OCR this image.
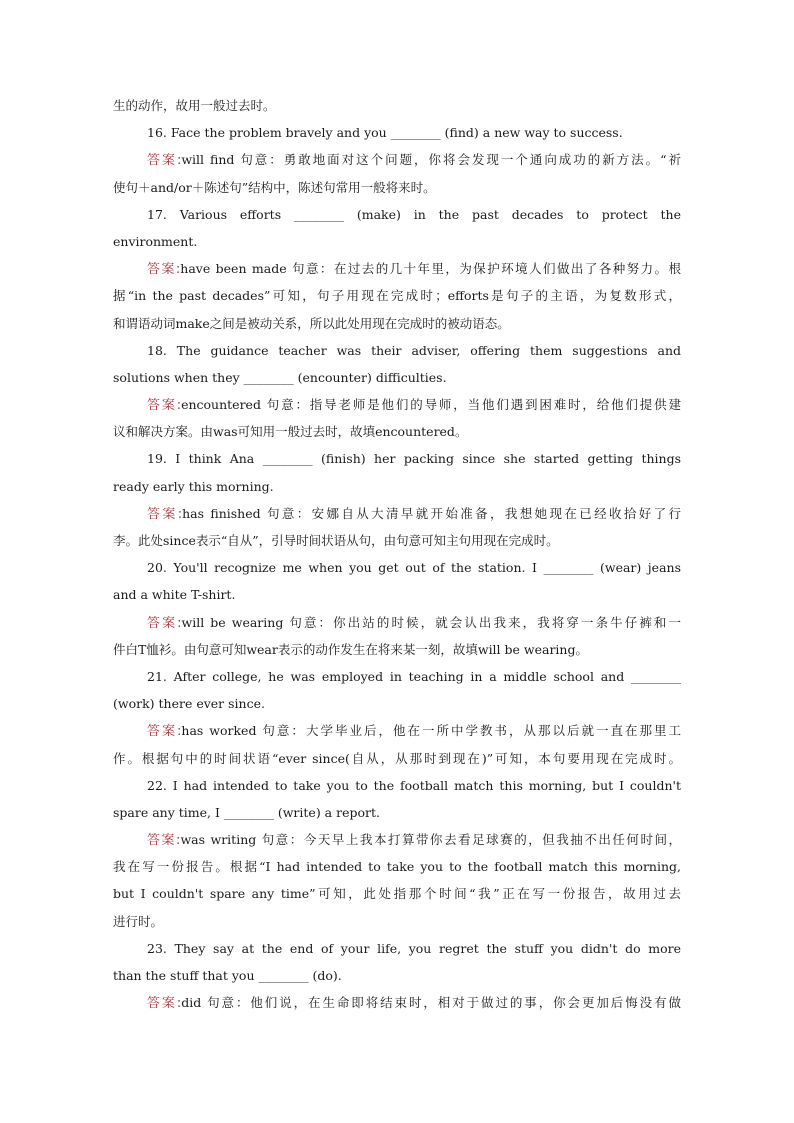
生的动作，故用一般过去时。
16. Face the problem bravely and you ________ (find) a new way to success.
答案:will find 句意：勇敢地面对这个问题，你将会发现一个通向成功的新方法。“祈
使句＋and/or＋陈述句”结构中，陈述句常用一般将来时。
17. Various efforts ________ (make) in the past decades to protect the
environment.
答案:have been made 句意：在过去的几十年里，为保护环境人们做出了各种努力。根
据“in the past decades”可知，句子用现在完成时；efforts是句子的主语，为复数形式，
和谓语动词make之间是被动关系，所以此处用现在完成时的被动语态。
18. The guidance teacher was their adviser, offering them suggestions and
solutions when they ________ (encounter) difficulties.
答案:encountered 句意：指导老师是他们的导师，当他们遇到困难时，给他们提供建
议和解决方案。由was可知用一般过去时，故填encountered。
19. I think Ana ________ (finish) her packing since she started getting things
ready early this morning.
答案:has finished 句意：安娜自从大清早就开始准备，我想她现在已经收拾好了行
李。此处since表示“自从”，引导时间状语从句，由句意可知主句用现在完成时。
20. You'll recognize me when you get out of the station. I ________ (wear) jeans
and a white T-shirt.
答案:will be wearing 句意：你出站的时候，就会认出我来，我将穿一条牛仔裤和一
件白T恤衫。由句意可知wear表示的动作发生在将来某一刻，故填will be wearing。
21. After college, he was employed in teaching in a middle school and ________
(work) there ever since.
答案:has worked 句意：大学毕业后，他在一所中学教书，从那以后就一直在那里工
作。根据句中的时间状语“ever since(自从，从那时到现在)”可知，本句要用现在完成时。
22. I had intended to take you to the football match this morning, but I couldn't
spare any time, I ________ (write) a report.
答案:was writing 句意：今天早上我本打算带你去看足球赛的，但我抽不出任何时间，
我在写一份报告。根据“I had intended to take you to the football match this morning,
but I couldn't spare any time”可知，此处指那个时间“我”正在写一份报告，故用过去
进行时。
23. They say at the end of your life, you regret the stuff you didn't do more
than the stuff that you ________ (do).
答案:did 句意：他们说，在生命即将结束时，相对于做过的事，你会更加后悔没有做
